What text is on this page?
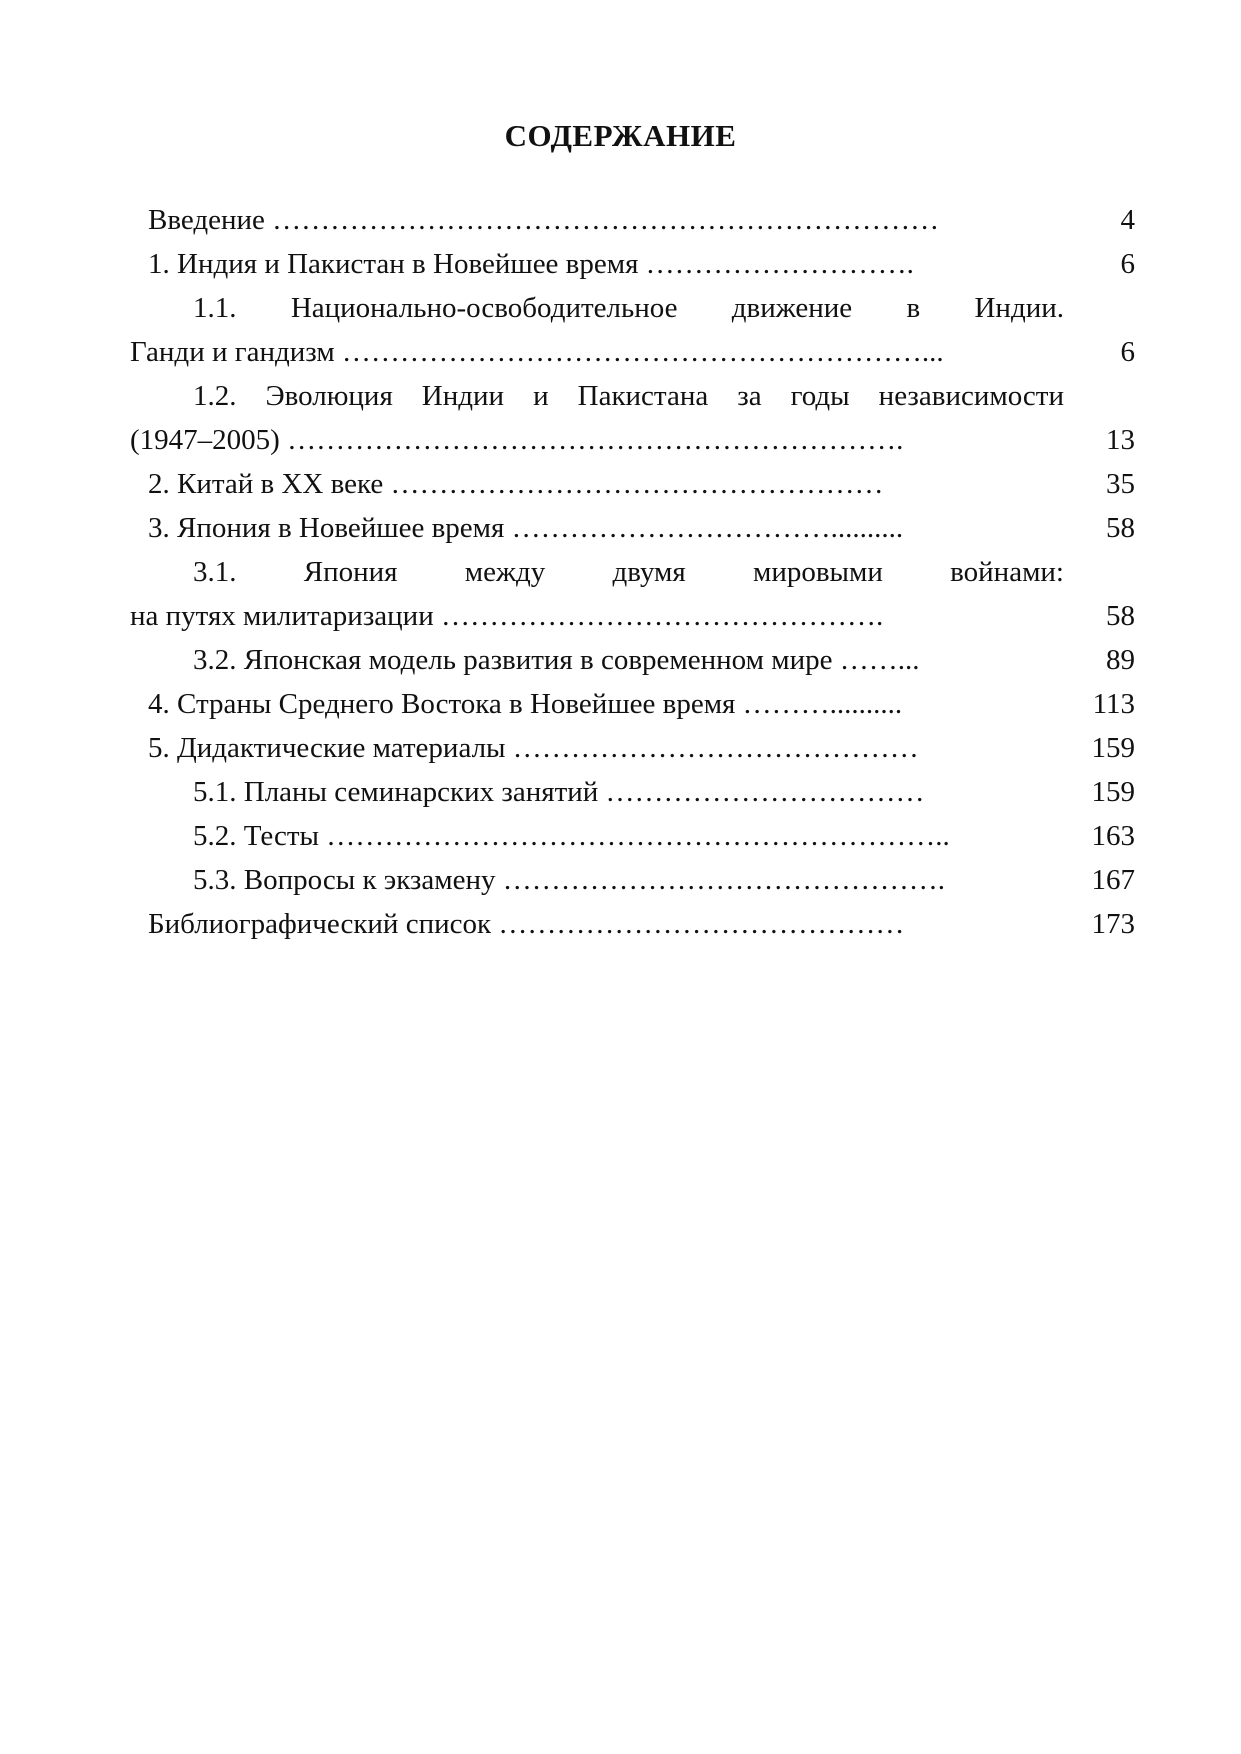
СОДЕРЖАНИЕ
Введение ……………………………………………………………	4
1. Индия и Пакистан в Новейшее время ……………………….	6
1.1. Национально-освободительное движение в Индии.
Ганди и гандизм ……………………………………………………...	6
1.2. Эволюция Индии и Пакистана за годы независимости
(1947–2005) ……………………………………………………….	13
2. Китай в XX веке ……………………………………………	35
3. Япония в Новейшее время ……………………………..........	58
3.1. Япония между двумя мировыми войнами:
на путях милитаризации ……………………………………….	58
3.2. Японская модель развития в современном мире ……...	89
4. Страны Среднего Востока в Новейшее время ………..........	113
5. Дидактические материалы ……………………………………	159
5.1. Планы семинарских занятий ……………………………	159
5.2. Тесты ………………………………………………………..	163
5.3. Вопросы к экзамену ……………………………………….	167
Библиографический список ……………………………………	173
